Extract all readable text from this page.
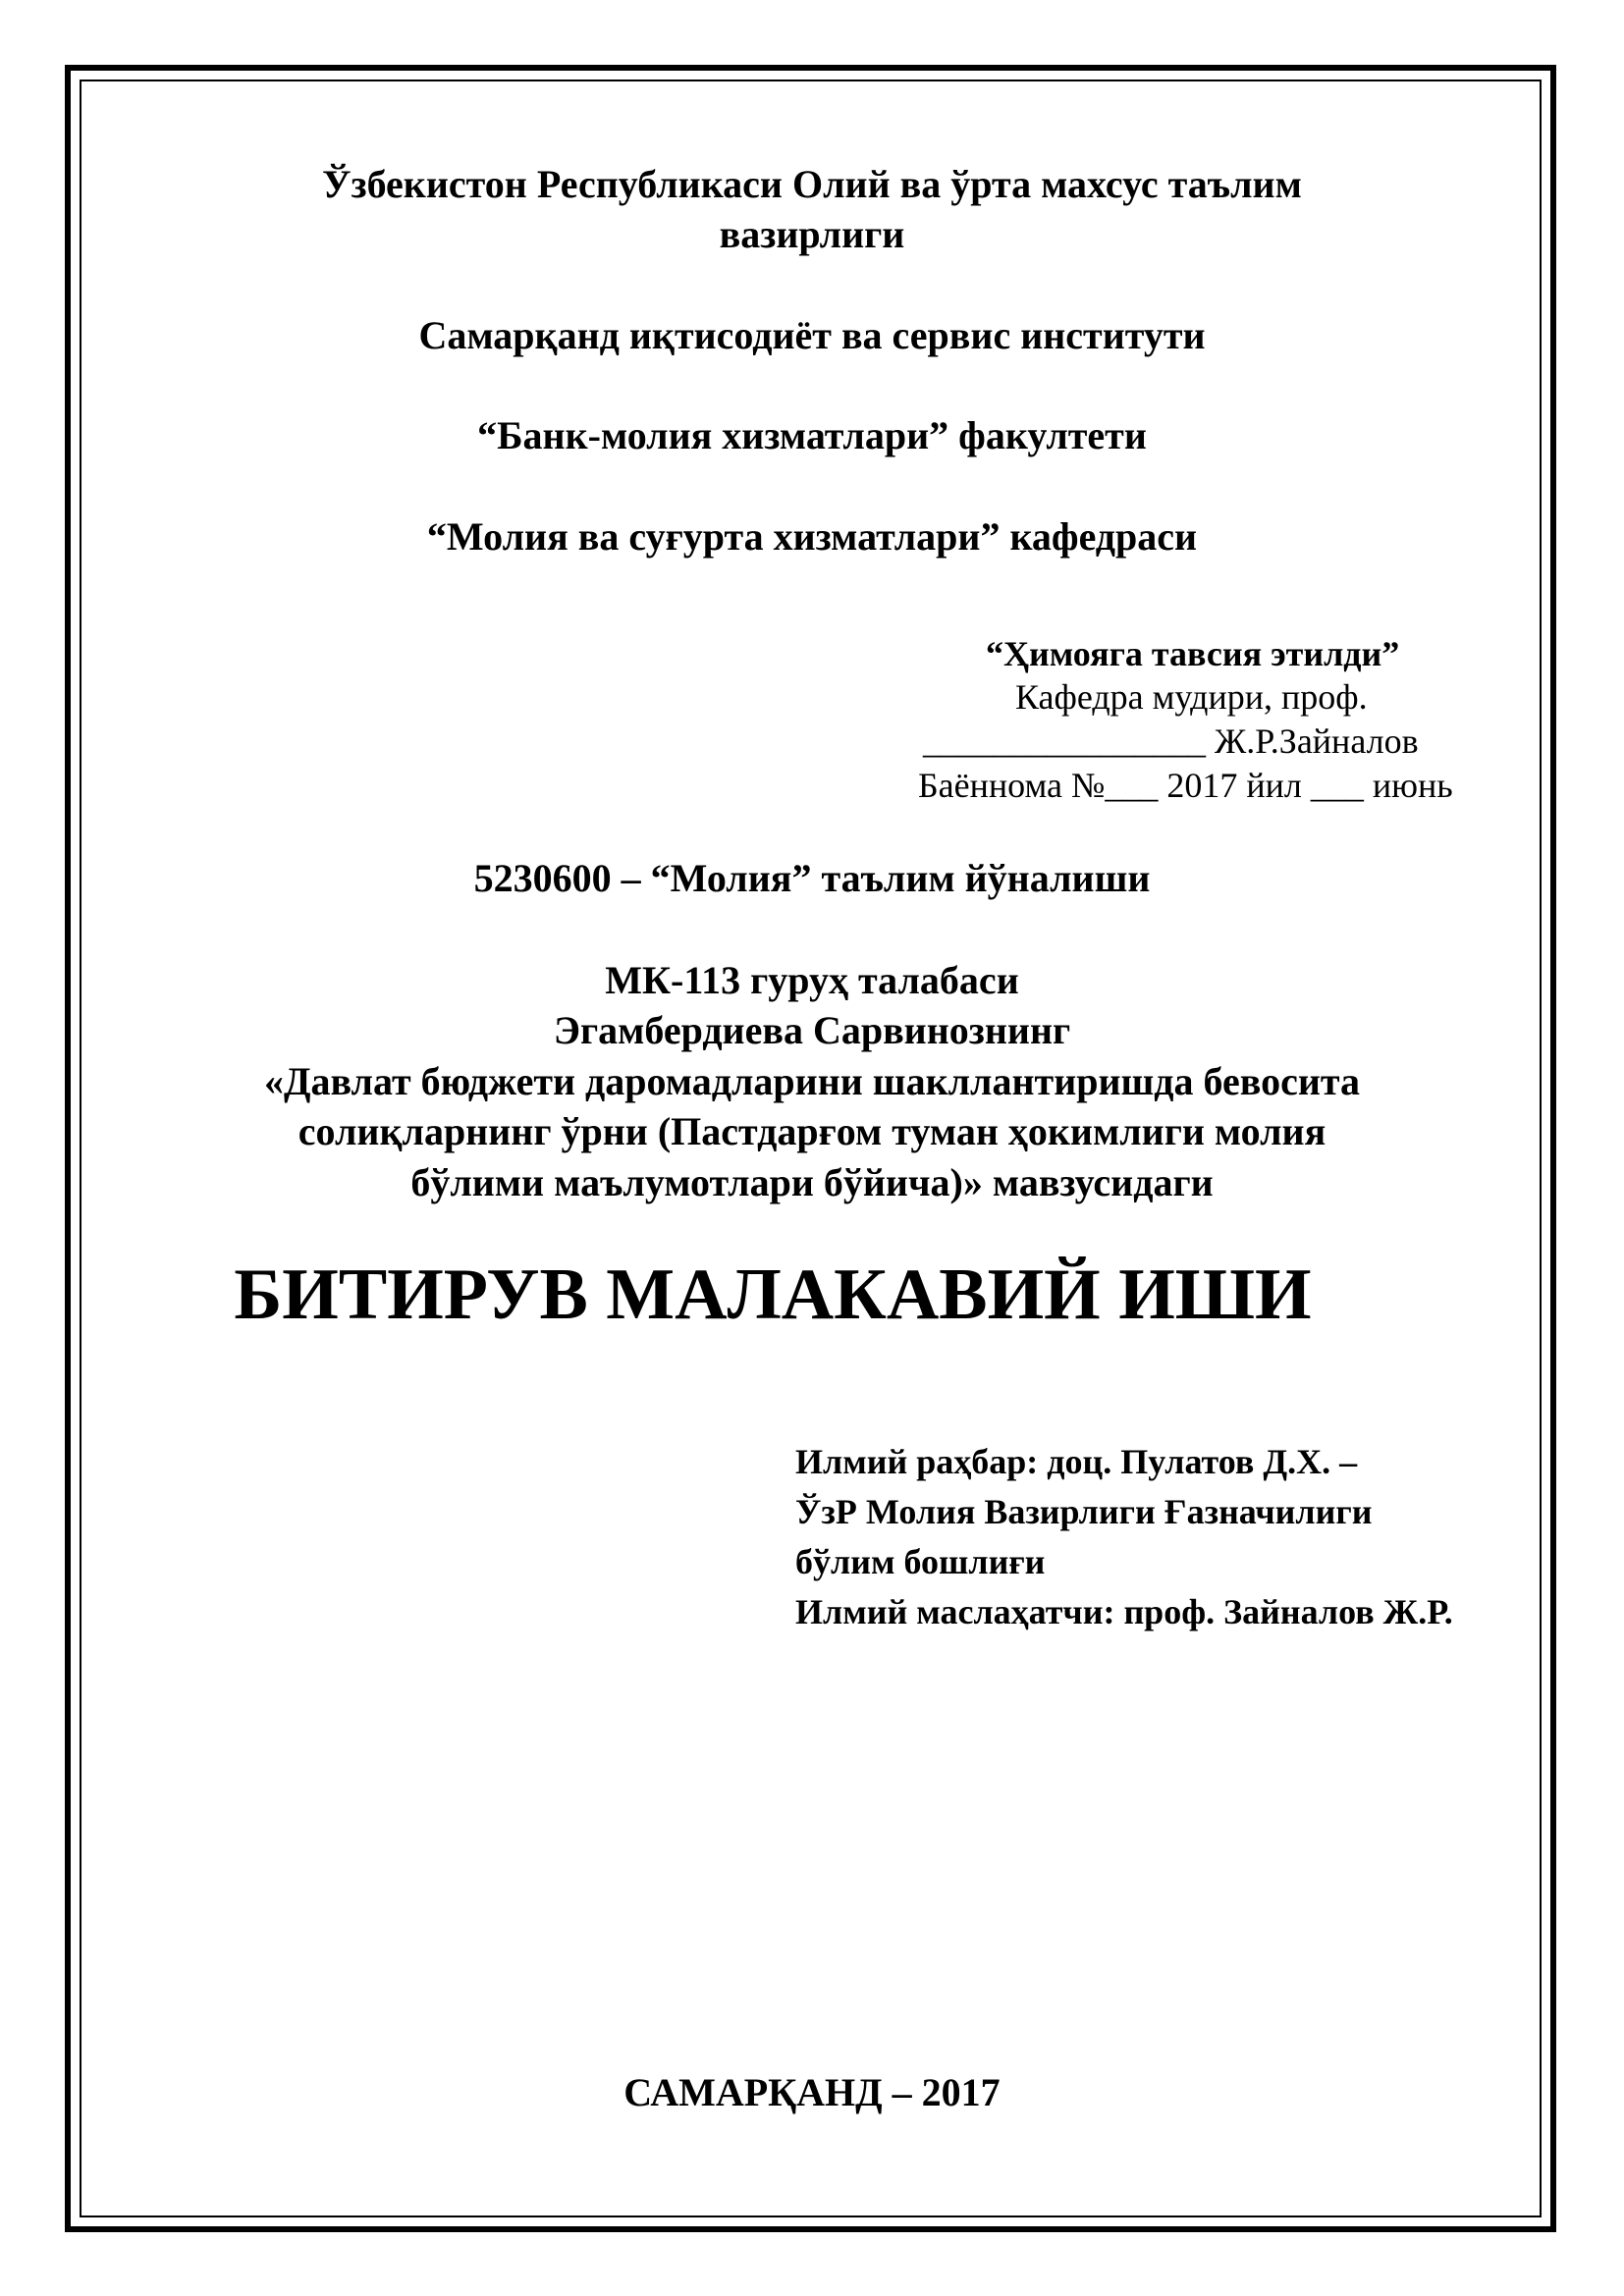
Ўзбекистон Республикаси Олий ва ўрта махсус таълим
вазирлиги
Самарқанд иқтисодиёт ва сервис институти
“Банк-молия хизматлари” факултети
“Молия ва суғурта хизматлари” кафедраси
“Ҳимояга тавсия этилди”
Кафедра мудири, проф.
________________ Ж.Р.Зайналов
Баённома №___ 2017 йил ___ июнь
5230600 – “Молия” таълим йўналиши
МК-113 гуруҳ талабаси
Эгамбердиева Сарвинознинг
«Давлат бюджети даромадларини шакллантиришда бевосита
солиқларнинг ўрни (Пастдарғом туман ҳокимлиги молия
бўлими маълумотлари бўйича)» мавзусидаги
БИТИРУВ МАЛАКАВИЙ ИШИ
Илмий раҳбар: доц. Пулатов Д.Х. –
ЎзР Молия Вазирлиги Ғазначилиги
бўлим бошлиғи
Илмий маслаҳатчи: проф. Зайналов Ж.Р.
САМАРҚАНД – 2017
